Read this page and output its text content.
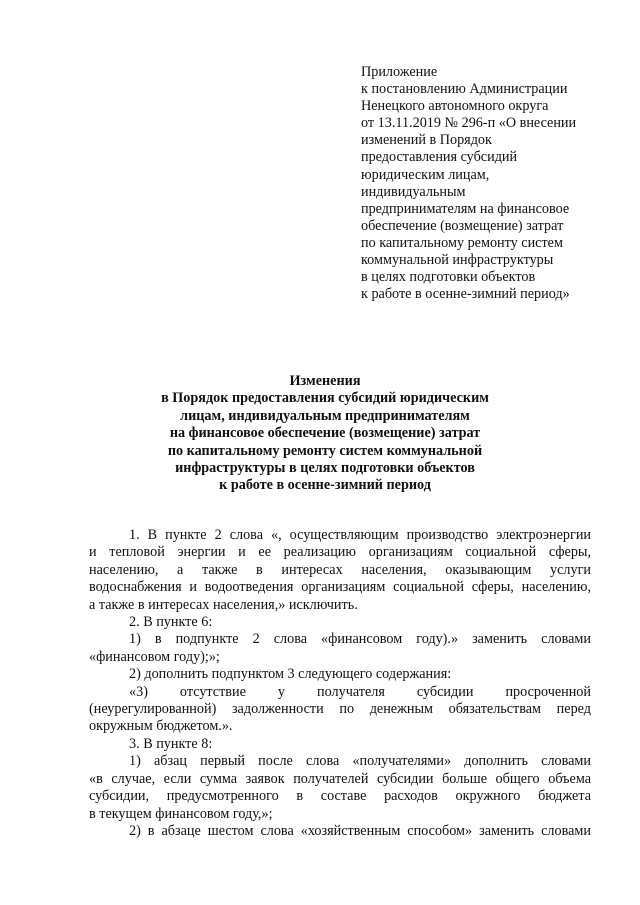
Приложение
к постановлению Администрации
Ненецкого автономного округа
от 13.11.2019 № 296-п «О внесении
изменений в Порядок
предоставления субсидий
юридическим лицам,
индивидуальным
предпринимателям на финансовое
обеспечение (возмещение) затрат
по капитальному ремонту систем
коммунальной инфраструктуры
в целях подготовки объектов
к работе в осенне-зимний период»
Изменения
в Порядок предоставления субсидий юридическим
лицам, индивидуальным предпринимателям
на финансовое обеспечение (возмещение) затрат
по капитальному ремонту систем коммунальной
инфраструктуры в целях подготовки объектов
к работе в осенне-зимний период
1. В пункте 2 слова «, осуществляющим производство электроэнергии
и тепловой энергии и ее реализацию организациям социальной сферы,
населению, а также в интересах населения, оказывающим услуги
водоснабжения и водоотведения организациям социальной сферы, населению,
а также в интересах населения,» исключить.
2. В пункте 6:
1) в подпункте 2 слова «финансовом году).» заменить словами
«финансовом году);»;
2) дополнить подпунктом 3 следующего содержания:
«3) отсутствие у получателя субсидии просроченной
(неурегулированной) задолженности по денежным обязательствам перед
окружным бюджетом.».
3. В пункте 8:
1) абзац первый после слова «получателями» дополнить словами
«в случае, если сумма заявок получателей субсидии больше общего объема
субсидии, предусмотренного в составе расходов окружного бюджета
в текущем финансовом году,»;
2) в абзаце шестом слова «хозяйственным способом» заменить словами
